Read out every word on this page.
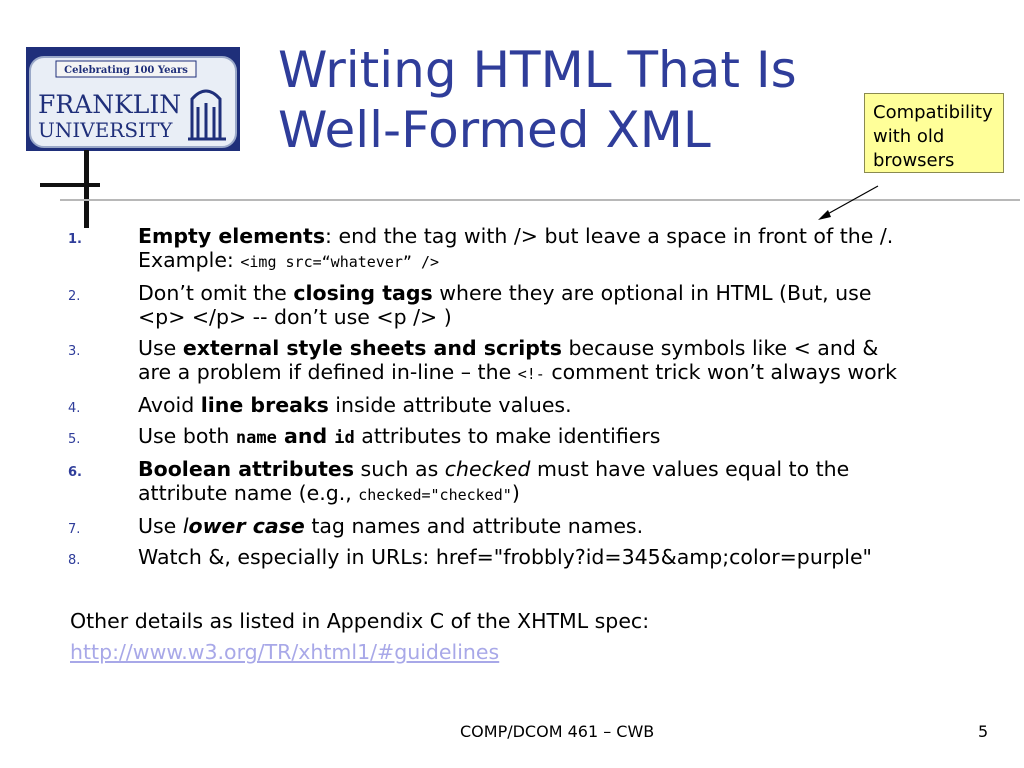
Celebrating 100 Years
FRANKLIN
UNIVERSITY
Writing HTML That Is
Well-Formed XML	Compatibility
with old
browsers
1.	Empty elements: end the tag with /> but leave a space in front of the /.
Example: <img src=“whatever” />
2.	Don’t omit the closing tags where they are optional in HTML (But, use
<p> </p> -- don’t use <p /> )
3.	Use external style sheets and scripts because symbols like < and &
are a problem if defined in-line – the <!- comment trick won’t always work
4.	Avoid line breaks inside attribute values.
5.	Use both name and id attributes to make identifiers
6.	Boolean attributes such as checked must have values equal to the
attribute name (e.g., checked="checked")
7.	Use lower case tag names and attribute names.
8.	Watch &, especially in URLs: href="frobbly?id=345&amp;color=purple"
Other details as listed in Appendix C of the XHTML spec:
http://www.w3.org/TR/xhtml1/#guidelines
COMP/DCOM 461 – CWB	5
